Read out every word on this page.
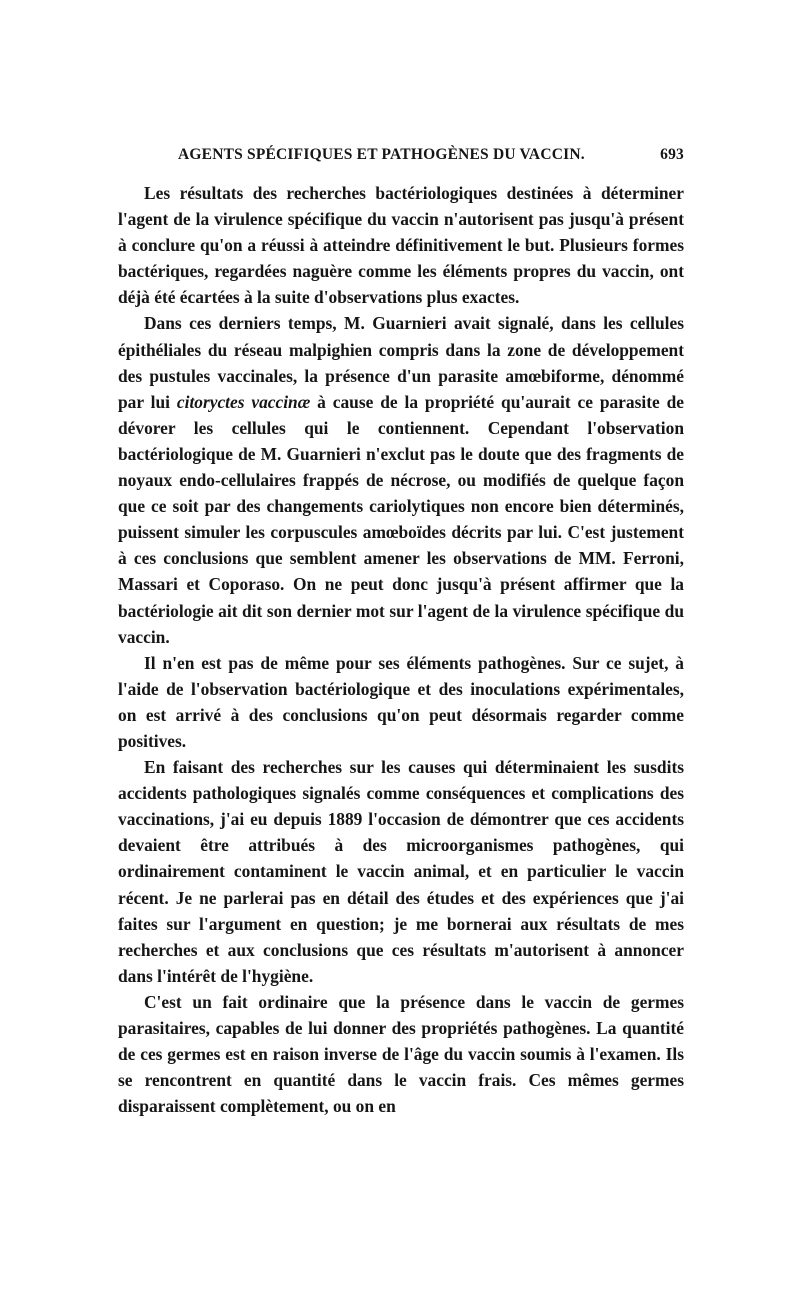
AGENTS SPÉCIFIQUES ET PATHOGÈNES DU VACCIN.	693

Les résultats des recherches bactériologiques destinées à déterminer l'agent de la virulence spécifique du vaccin n'autorisent pas jusqu'à présent à conclure qu'on a réussi à atteindre définitivement le but. Plusieurs formes bactériques, regardées naguère comme les éléments propres du vaccin, ont déjà été écartées à la suite d'observations plus exactes.

Dans ces derniers temps, M. Guarnieri avait signalé, dans les cellules épithéliales du réseau malpighien compris dans la zone de développement des pustules vaccinales, la présence d'un parasite amœbiforme, dénommé par lui citoryctes vaccinæ à cause de la propriété qu'aurait ce parasite de dévorer les cellules qui le contiennent. Cependant l'observation bactériologique de M. Guarnieri n'exclut pas le doute que des fragments de noyaux endo-cellulaires frappés de nécrose, ou modifiés de quelque façon que ce soit par des changements cariolytiques non encore bien déterminés, puissent simuler les corpuscules amœboïdes décrits par lui. C'est justement à ces conclusions que semblent amener les observations de MM. Ferroni, Massari et Coporaso. On ne peut donc jusqu'à présent affirmer que la bactériologie ait dit son dernier mot sur l'agent de la virulence spécifique du vaccin.

Il n'en est pas de même pour ses éléments pathogènes. Sur ce sujet, à l'aide de l'observation bactériologique et des inoculations expérimentales, on est arrivé à des conclusions qu'on peut désormais regarder comme positives.

En faisant des recherches sur les causes qui déterminaient les susdits accidents pathologiques signalés comme conséquences et complications des vaccinations, j'ai eu depuis 1889 l'occasion de démontrer que ces accidents devaient être attribués à des microorganismes pathogènes, qui ordinairement contaminent le vaccin animal, et en particulier le vaccin récent. Je ne parlerai pas en détail des études et des expériences que j'ai faites sur l'argument en question; je me bornerai aux résultats de mes recherches et aux conclusions que ces résultats m'autorisent à annoncer dans l'intérêt de l'hygiène.

C'est un fait ordinaire que la présence dans le vaccin de germes parasitaires, capables de lui donner des propriétés pathogènes. La quantité de ces germes est en raison inverse de l'âge du vaccin soumis à l'examen. Ils se rencontrent en quantité dans le vaccin frais. Ces mêmes germes disparaissent complètement, ou on en
